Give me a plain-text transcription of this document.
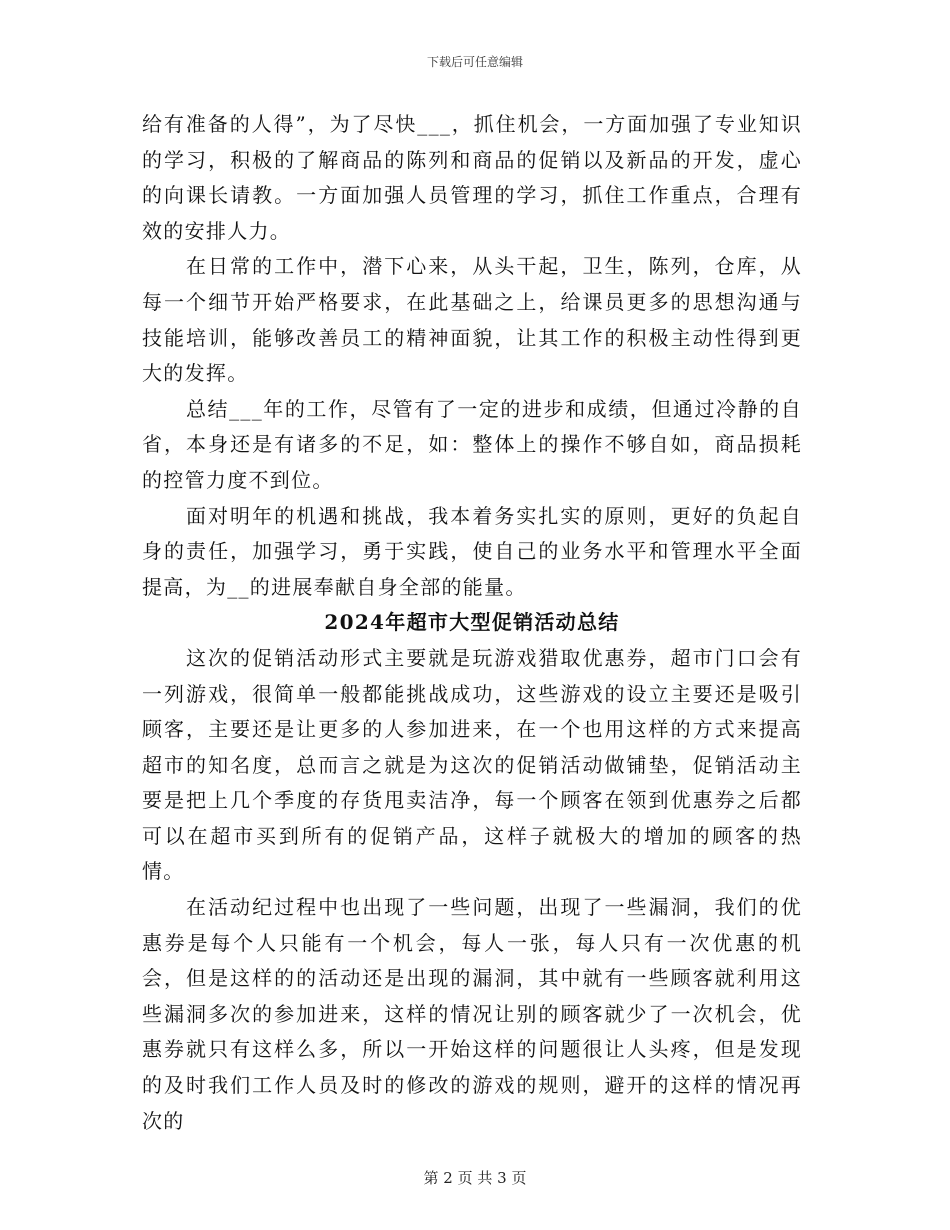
下载后可任意编辑

给有准备的人得”，为了尽快___，抓住机会，一方面加强了专业知识的学习，积极的了解商品的陈列和商品的促销以及新品的开发，虚心的向课长请教。一方面加强人员管理的学习，抓住工作重点，合理有效的安排人力。

在日常的工作中，潜下心来，从头干起，卫生，陈列，仓库，从每一个细节开始严格要求，在此基础之上，给课员更多的思想沟通与技能培训，能够改善员工的精神面貌，让其工作的积极主动性得到更大的发挥。

总结___年的工作，尽管有了一定的进步和成绩，但通过冷静的自省，本身还是有诸多的不足，如：整体上的操作不够自如，商品损耗的控管力度不到位。

面对明年的机遇和挑战，我本着务实扎实的原则，更好的负起自身的责任，加强学习，勇于实践，使自己的业务水平和管理水平全面提高，为__的进展奉献自身全部的能量。

2024年超市大型促销活动总结

这次的促销活动形式主要就是玩游戏猎取优惠券，超市门口会有一列游戏，很简单一般都能挑战成功，这些游戏的设立主要还是吸引顾客，主要还是让更多的人参加进来，在一个也用这样的方式来提高超市的知名度，总而言之就是为这次的促销活动做铺垫，促销活动主要是把上几个季度的存货甩卖洁净，每一个顾客在领到优惠券之后都可以在超市买到所有的促销产品，这样子就极大的增加的顾客的热情。

在活动纪过程中也出现了一些问题，出现了一些漏洞，我们的优惠券是每个人只能有一个机会，每人一张，每人只有一次优惠的机会，但是这样的的活动还是出现的漏洞，其中就有一些顾客就利用这些漏洞多次的参加进来，这样的情况让别的顾客就少了一次机会，优惠券就只有这样么多，所以一开始这样的问题很让人头疼，但是发现的及时我们工作人员及时的修改的游戏的规则，避开的这样的情况再次的

第 2 页 共 3 页
